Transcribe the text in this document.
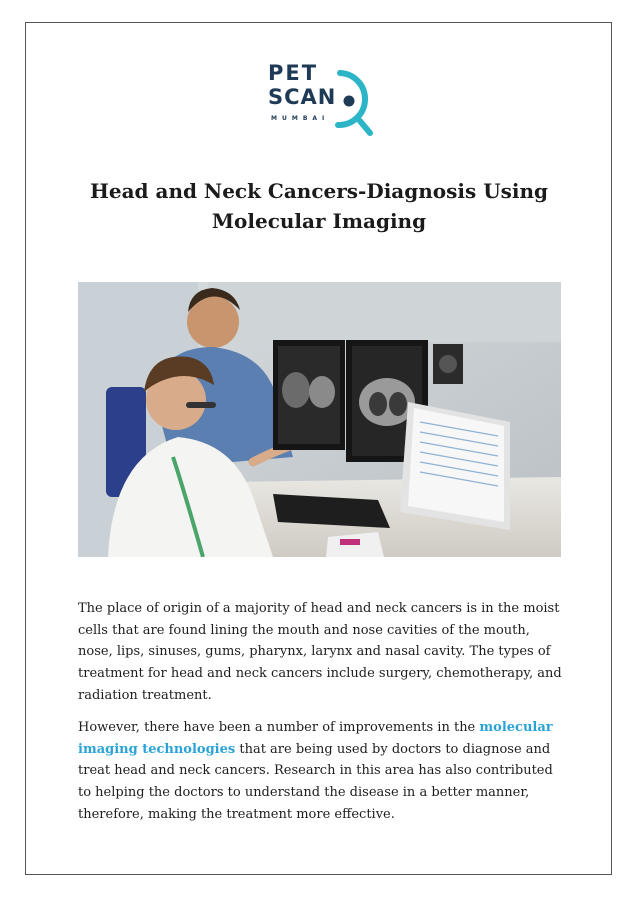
PET
SCAN
MUMBAI
Head and Neck Cancers-Diagnosis Using
Molecular Imaging

The place of origin of a majority of head and neck cancers is in the moist cells that are found lining the mouth and nose cavities of the mouth, nose, lips, sinuses, gums, pharynx, larynx and nasal cavity. The types of treatment for head and neck cancers include surgery, chemotherapy, and radiation treatment.

However, there have been a number of improvements in the molecular imaging technologies that are being used by doctors to diagnose and treat head and neck cancers. Research in this area has also contributed to helping the doctors to understand the disease in a better manner, therefore, making the treatment more effective.
